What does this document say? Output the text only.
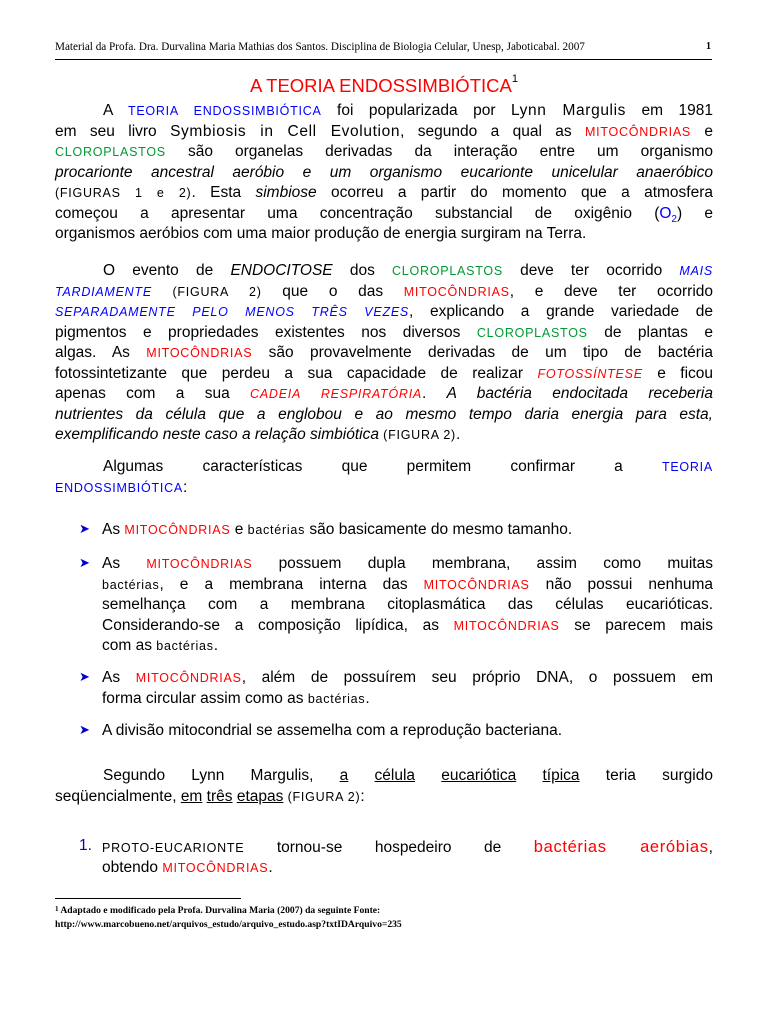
Material da Profa. Dra. Durvalina Maria Mathias dos Santos. Disciplina de Biologia Celular, Unesp, Jaboticabal. 2007	1
A TEORIA ENDOSSIMBIÓTICA$^1$
A TEORIA ENDOSSIMBIÓTICA foi popularizada por Lynn Margulis em 1981
em seu livro Symbiosis in Cell Evolution, segundo a qual as MITOCÔNDRIAS e
CLOROPLASTOS são organelas derivadas da interação entre um organismo
procarionte ancestral aeróbio e um organismo eucarionte unicelular anaeróbico
(FIGURAS 1 e 2). Esta simbiose ocorreu a partir do momento que a atmosfera
começou a apresentar uma concentração substancial de oxigênio $(O_2)$ e
organismos aeróbios com uma maior produção de energia surgiram na Terra.
O evento de ENDOCITOSE dos CLOROPLASTOS deve ter ocorrido MAIS
TARDIAMENTE (FIGURA 2) que o das MITOCÔNDRIAS, e deve ter ocorrido
SEPARADAMENTE PELO MENOS TRÊS VEZES, explicando a grande variedade de
pigmentos e propriedades existentes nos diversos CLOROPLASTOS de plantas e
algas. As MITOCÔNDRIAS são provavelmente derivadas de um tipo de bactéria
fotossintetizante que perdeu a sua capacidade de realizar FOTOSSÍNTESE e ficou
apenas com a sua CADEIA RESPIRATÓRIA. A bactéria endocitada receberia
nutrientes da célula que a englobou e ao mesmo tempo daria energia para esta,
exemplificando neste caso a relação simbiótica (FIGURA 2).
Algumas características que permitem confirmar a TEORIA
ENDOSSIMBIÓTICA:
➤ As MITOCÔNDRIAS e bactérias são basicamente do mesmo tamanho.
➤ As MITOCÔNDRIAS possuem dupla membrana, assim como muitas
bactérias, e a membrana interna das MITOCÔNDRIAS não possui nenhuma
semelhança com a membrana citoplasmática das células eucarióticas.
Considerando-se a composição lipídica, as MITOCÔNDRIAS se parecem mais
com as bactérias.
➤ As MITOCÔNDRIAS, além de possuírem seu próprio DNA, o possuem em
forma circular assim como as bactérias.
➤ A divisão mitocondrial se assemelha com a reprodução bacteriana.
Segundo Lynn Margulis, a célula eucariótica típica teria surgido
seqüencialmente, em três etapas (FIGURA 2):
1. PROTO-EUCARIONTE tornou-se hospedeiro de bactérias aeróbias,
obtendo MITOCÔNDRIAS.
$^1$ Adaptado e modificado pela Profa. Durvalina Maria (2007) da seguinte Fonte:
http://www.marcobueno.net/arquivos_estudo/arquivo_estudo.asp?txtIDArquivo=235
